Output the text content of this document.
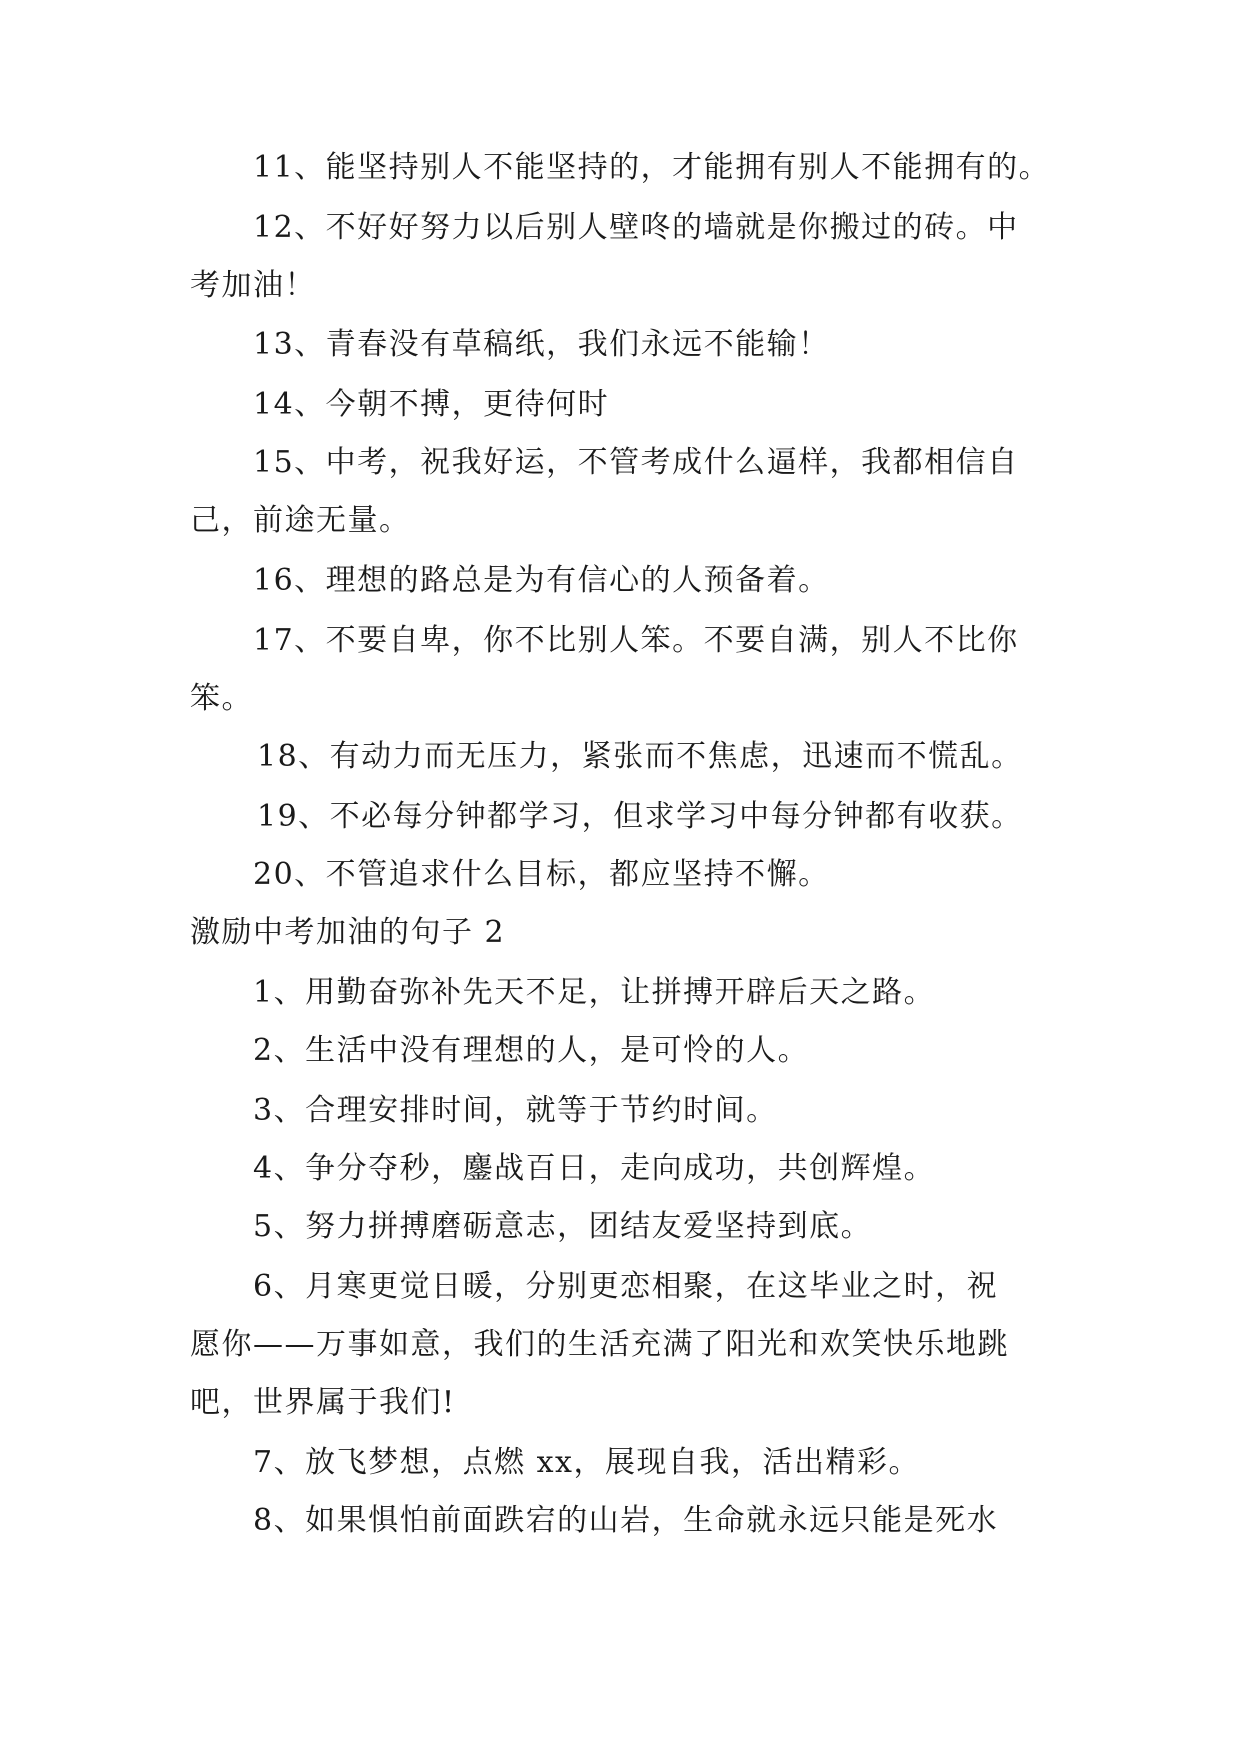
11、能坚持别人不能坚持的，才能拥有别人不能拥有的。
12、不好好努力以后别人壁咚的墙就是你搬过的砖。中
考加油！
13、青春没有草稿纸，我们永远不能输！
14、今朝不搏，更待何时
15、中考，祝我好运，不管考成什么逼样，我都相信自
己，前途无量。
16、理想的路总是为有信心的人预备着。
17、不要自卑，你不比别人笨。不要自满，别人不比你
笨。
18、有动力而无压力，紧张而不焦虑，迅速而不慌乱。
19、不必每分钟都学习，但求学习中每分钟都有收获。
20、不管追求什么目标，都应坚持不懈。
激励中考加油的句子 2
1、用勤奋弥补先天不足，让拼搏开辟后天之路。
2、生活中没有理想的人，是可怜的人。
3、合理安排时间，就等于节约时间。
4、争分夺秒，鏖战百日，走向成功，共创辉煌。
5、努力拼搏磨砺意志，团结友爱坚持到底。
6、月寒更觉日暖，分别更恋相聚，在这毕业之时，祝
愿你——万事如意，我们的生活充满了阳光和欢笑快乐地跳
吧，世界属于我们!
7、放飞梦想，点燃 xx，展现自我，活出精彩。
8、如果惧怕前面跌宕的山岩，生命就永远只能是死水
